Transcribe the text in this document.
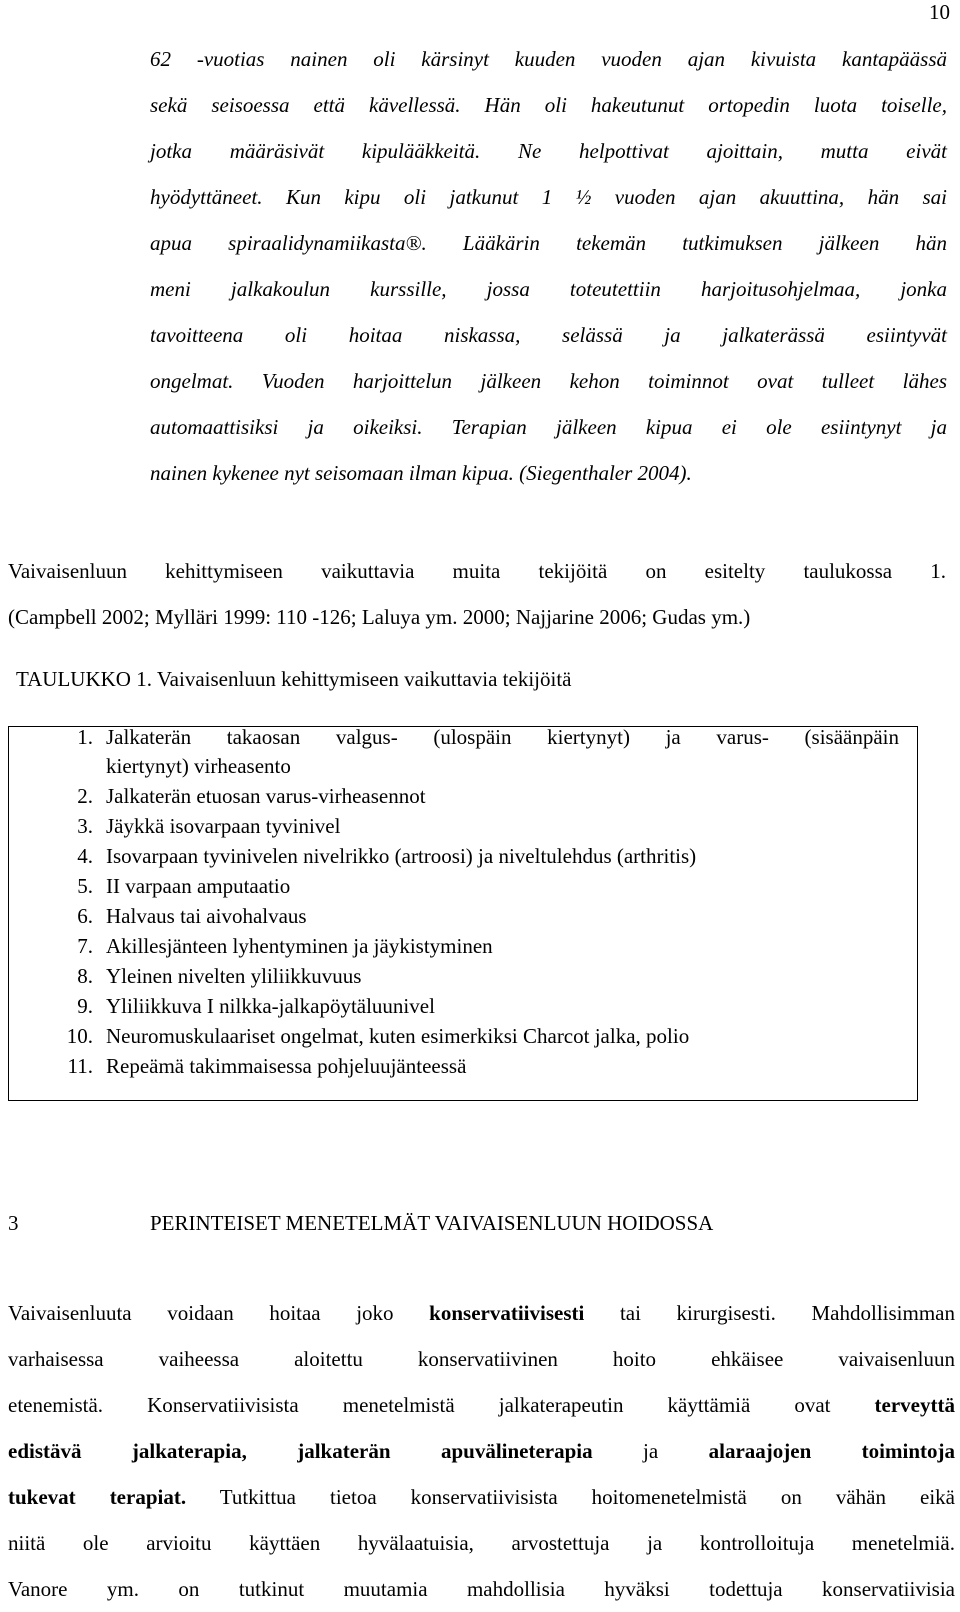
10
62 -vuotias nainen oli kärsinyt kuuden vuoden ajan kivuista kantapäässä
sekä seisoessa että kävellessä. Hän oli hakeutunut ortopedin luota toiselle,
jotka määräsivät kipulääkkeitä. Ne helpottivat ajoittain, mutta eivät
hyödyttäneet. Kun kipu oli jatkunut 1 ½ vuoden ajan akuuttina, hän sai
apua spiraalidynamiikasta®. Lääkärin tekemän tutkimuksen jälkeen hän
meni jalkakoulun kurssille, jossa toteutettiin harjoitusohjelmaa, jonka
tavoitteena oli hoitaa niskassa, selässä ja jalkaterässä esiintyvät
ongelmat. Vuoden harjoittelun jälkeen kehon toiminnot ovat tulleet lähes
automaattisiksi ja oikeiksi. Terapian jälkeen kipua ei ole esiintynyt ja
nainen kykenee nyt seisomaan ilman kipua. (Siegenthaler 2004).
Vaivaisenluun kehittymiseen vaikuttavia muita tekijöitä on esitelty taulukossa 1.
(Campbell 2002; Mylläri 1999: 110 -126; Laluya ym. 2000; Najjarine 2006; Gudas ym.)
TAULUKKO 1. Vaivaisenluun kehittymiseen vaikuttavia tekijöitä
1. Jalkaterän takaosan valgus- (ulospäin kiertynyt) ja varus- (sisäänpäin
kiertynyt) virheasento
2. Jalkaterän etuosan varus-virheasennot
3. Jäykkä isovarpaan tyvinivel
4. Isovarpaan tyvinivelen nivelrikko (artroosi) ja niveltulehdus (arthritis)
5. II varpaan amputaatio
6. Halvaus tai aivohalvaus
7. Akillesjänteen lyhentyminen ja jäykistyminen
8. Yleinen nivelten yliliikkuvuus
9. Yliliikkuva I nilkka-jalkapöytäluunivel
10. Neuromuskulaariset ongelmat, kuten esimerkiksi Charcot jalka, polio
11. Repeämä takimmaisessa pohjeluujänteessä
3	PERINTEISET MENETELMÄT VAIVAISENLUUN HOIDOSSA
Vaivaisenluuta voidaan hoitaa joko konservatiivisesti tai kirurgisesti. Mahdollisimman
varhaisessa vaiheessa aloitettu konservatiivinen hoito ehkäisee vaivaisenluun
etenemistä. Konservatiivisista menetelmistä jalkaterapeutin käyttämiä ovat terveyttä
edistävä jalkaterapia, jalkaterän apuvälineterapia ja alaraajojen toimintoja
tukevat terapiat. Tutkittua tietoa konservatiivisista hoitomenetelmistä on vähän eikä
niitä ole arvioitu käyttäen hyvälaatuisia, arvostettuja ja kontrolloituja menetelmiä.
Vanore ym. on tutkinut muutamia mahdollisia hyväksi todettuja konservatiivisia
